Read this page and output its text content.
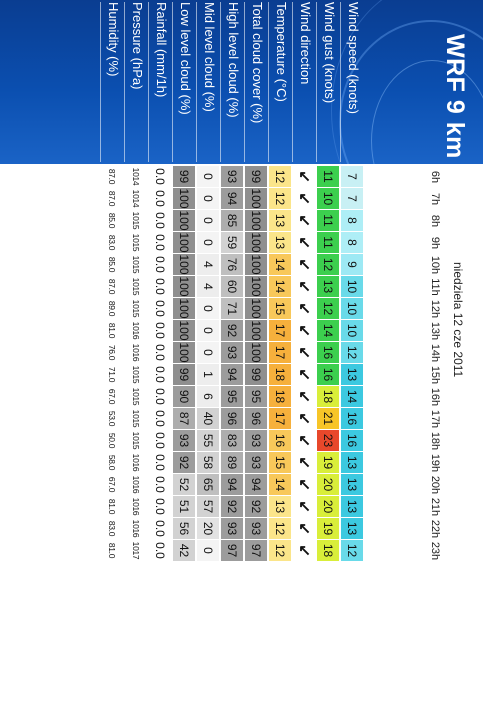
WRF 9 km
Wind speed (knots)
Wind gust (knots)
Wind direction
Temperature (°C)
Total cloud cover (%)
High level cloud (%)
Mid level cloud (%)
Low level cloud (%)
Rainfall (mm/1h)
Pressure (hPa)
Humidity (%)
niedziela 12 cze 2011
6h
7h
8h
9h
10h
11h
12h
13h
14h
15h
16h
17h
18h
19h
20h
21h
22h
23h
7
7
8
8
9
10
10
10
12
13
14
16
16
13
13
13
13
12
11
10
11
11
12
13
12
14
16
16
18
21
23
19
20
20
19
18
↙
↙
↙
↙
↙
↙
↙
↙
↙
↙
↙
↙
↙
↙
↙
↙
↙
↙
12
12
13
13
14
14
15
17
17
18
18
17
16
15
14
13
12
12
99
100
100
100
100
100
100
100
100
99
95
96
93
93
94
92
93
97
93
94
85
59
76
60
71
92
93
94
95
96
83
89
94
92
93
97
0
0
0
0
4
4
0
0
0
1
6
40
55
58
65
57
20
0
99
100
100
100
100
100
100
100
100
99
90
87
93
92
52
51
56
42
0.0
0.0
0.0
0.0
0.0
0.0
0.0
0.0
0.0
0.0
0.0
0.0
0.0
0.0
0.0
0.0
0.0
0.0
1014
1014
1015
1015
1015
1015
1015
1016
1016
1015
1015
1015
1015
1016
1016
1016
1016
1017
87.0
87.0
85.0
83.0
85.0
87.0
89.0
81.0
76.0
71.0
67.0
53.0
50.0
58.0
67.0
81.0
83.0
81.0
